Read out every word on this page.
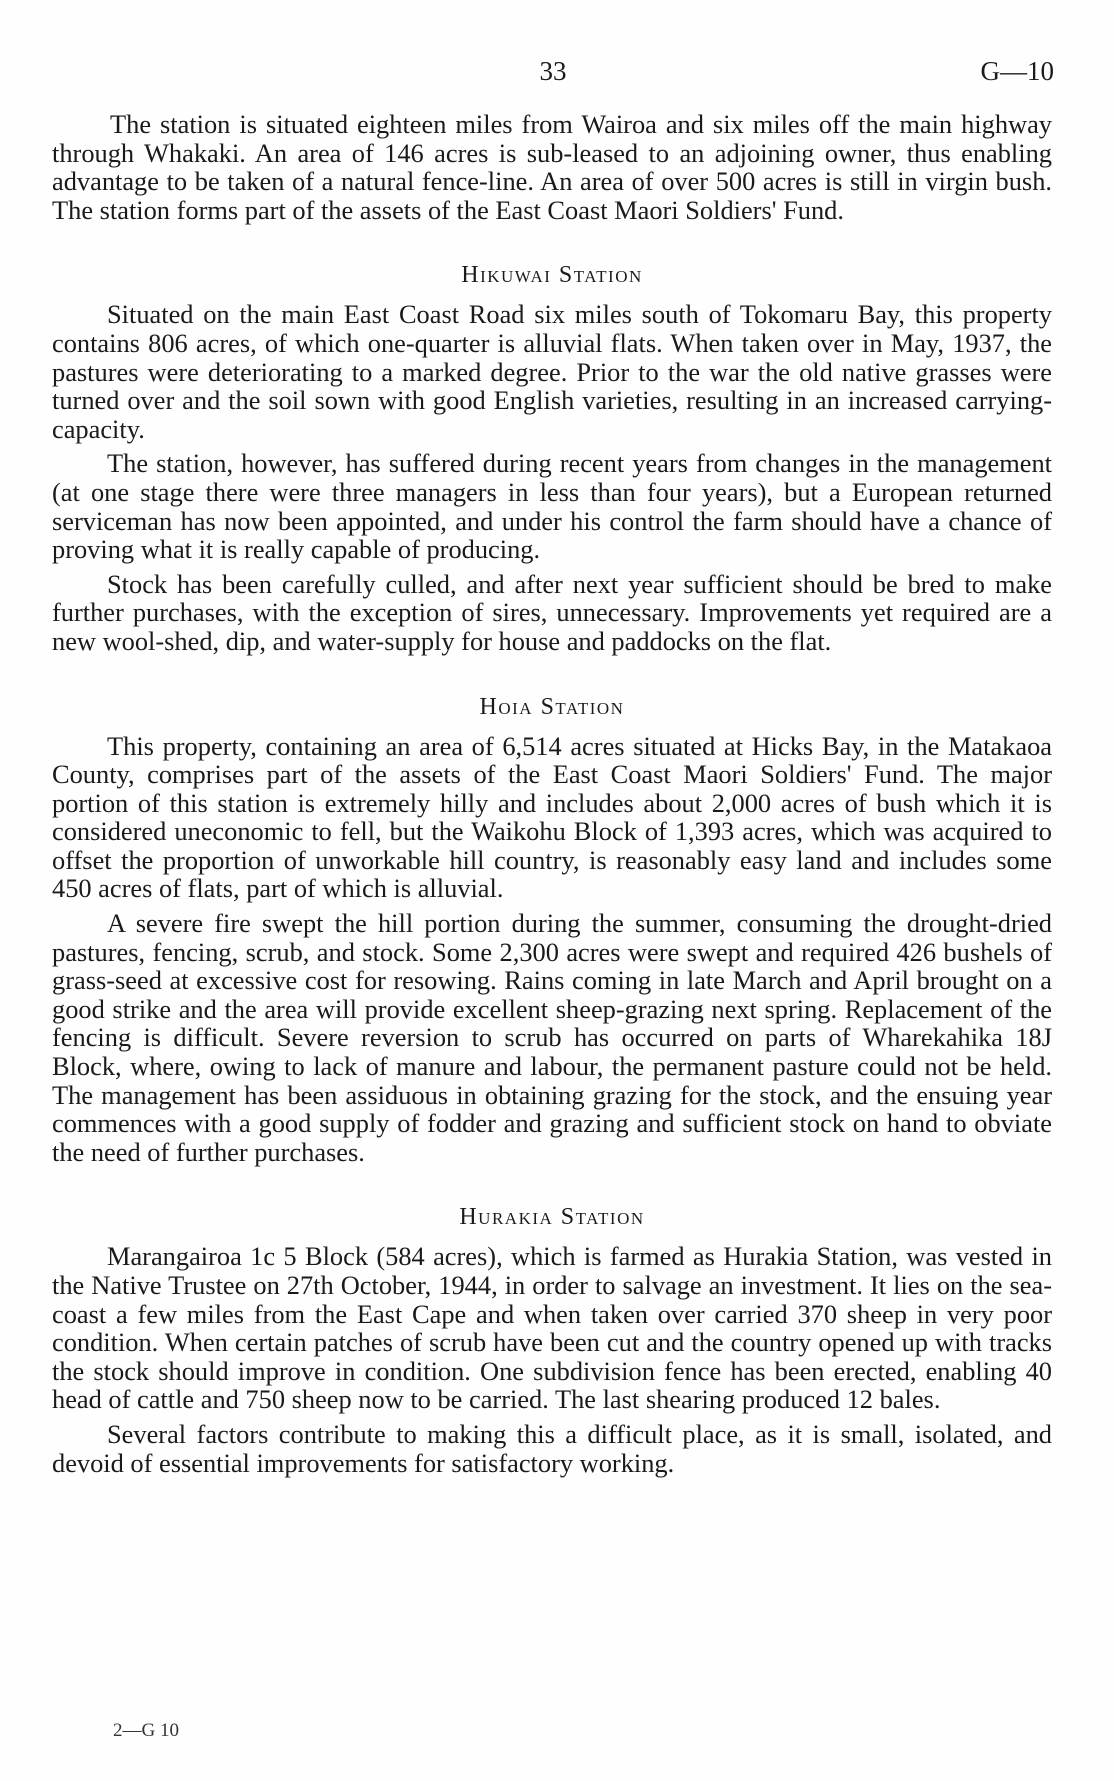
33	G—10

The station is situated eighteen miles from Wairoa and six miles off the main highway through Whakaki. An area of 146 acres is sub-leased to an adjoining owner, thus enabling advantage to be taken of a natural fence-line. An area of over 500 acres is still in virgin bush. The station forms part of the assets of the East Coast Maori Soldiers' Fund.

Hikuwai Station

Situated on the main East Coast Road six miles south of Tokomaru Bay, this property contains 806 acres, of which one-quarter is alluvial flats. When taken over in May, 1937, the pastures were deteriorating to a marked degree. Prior to the war the old native grasses were turned over and the soil sown with good English varieties, resulting in an increased carrying-capacity.

The station, however, has suffered during recent years from changes in the management (at one stage there were three managers in less than four years), but a European returned serviceman has now been appointed, and under his control the farm should have a chance of proving what it is really capable of producing.

Stock has been carefully culled, and after next year sufficient should be bred to make further purchases, with the exception of sires, unnecessary. Improvements yet required are a new wool-shed, dip, and water-supply for house and paddocks on the flat.

Hoia Station

This property, containing an area of 6,514 acres situated at Hicks Bay, in the Matakaoa County, comprises part of the assets of the East Coast Maori Soldiers' Fund. The major portion of this station is extremely hilly and includes about 2,000 acres of bush which it is considered uneconomic to fell, but the Waikohu Block of 1,393 acres, which was acquired to offset the proportion of unworkable hill country, is reasonably easy land and includes some 450 acres of flats, part of which is alluvial.

A severe fire swept the hill portion during the summer, consuming the drought-dried pastures, fencing, scrub, and stock. Some 2,300 acres were swept and required 426 bushels of grass-seed at excessive cost for resowing. Rains coming in late March and April brought on a good strike and the area will provide excellent sheep-grazing next spring. Replacement of the fencing is difficult. Severe reversion to scrub has occurred on parts of Wharekahika 18J Block, where, owing to lack of manure and labour, the permanent pasture could not be held. The management has been assiduous in obtaining grazing for the stock, and the ensuing year commences with a good supply of fodder and grazing and sufficient stock on hand to obviate the need of further purchases.

Hurakia Station

Marangairoa 1c 5 Block (584 acres), which is farmed as Hurakia Station, was vested in the Native Trustee on 27th October, 1944, in order to salvage an investment. It lies on the sea-coast a few miles from the East Cape and when taken over carried 370 sheep in very poor condition. When certain patches of scrub have been cut and the country opened up with tracks the stock should improve in condition. One subdivision fence has been erected, enabling 40 head of cattle and 750 sheep now to be carried. The last shearing produced 12 bales.

Several factors contribute to making this a difficult place, as it is small, isolated, and devoid of essential improvements for satisfactory working.

2—G 10
